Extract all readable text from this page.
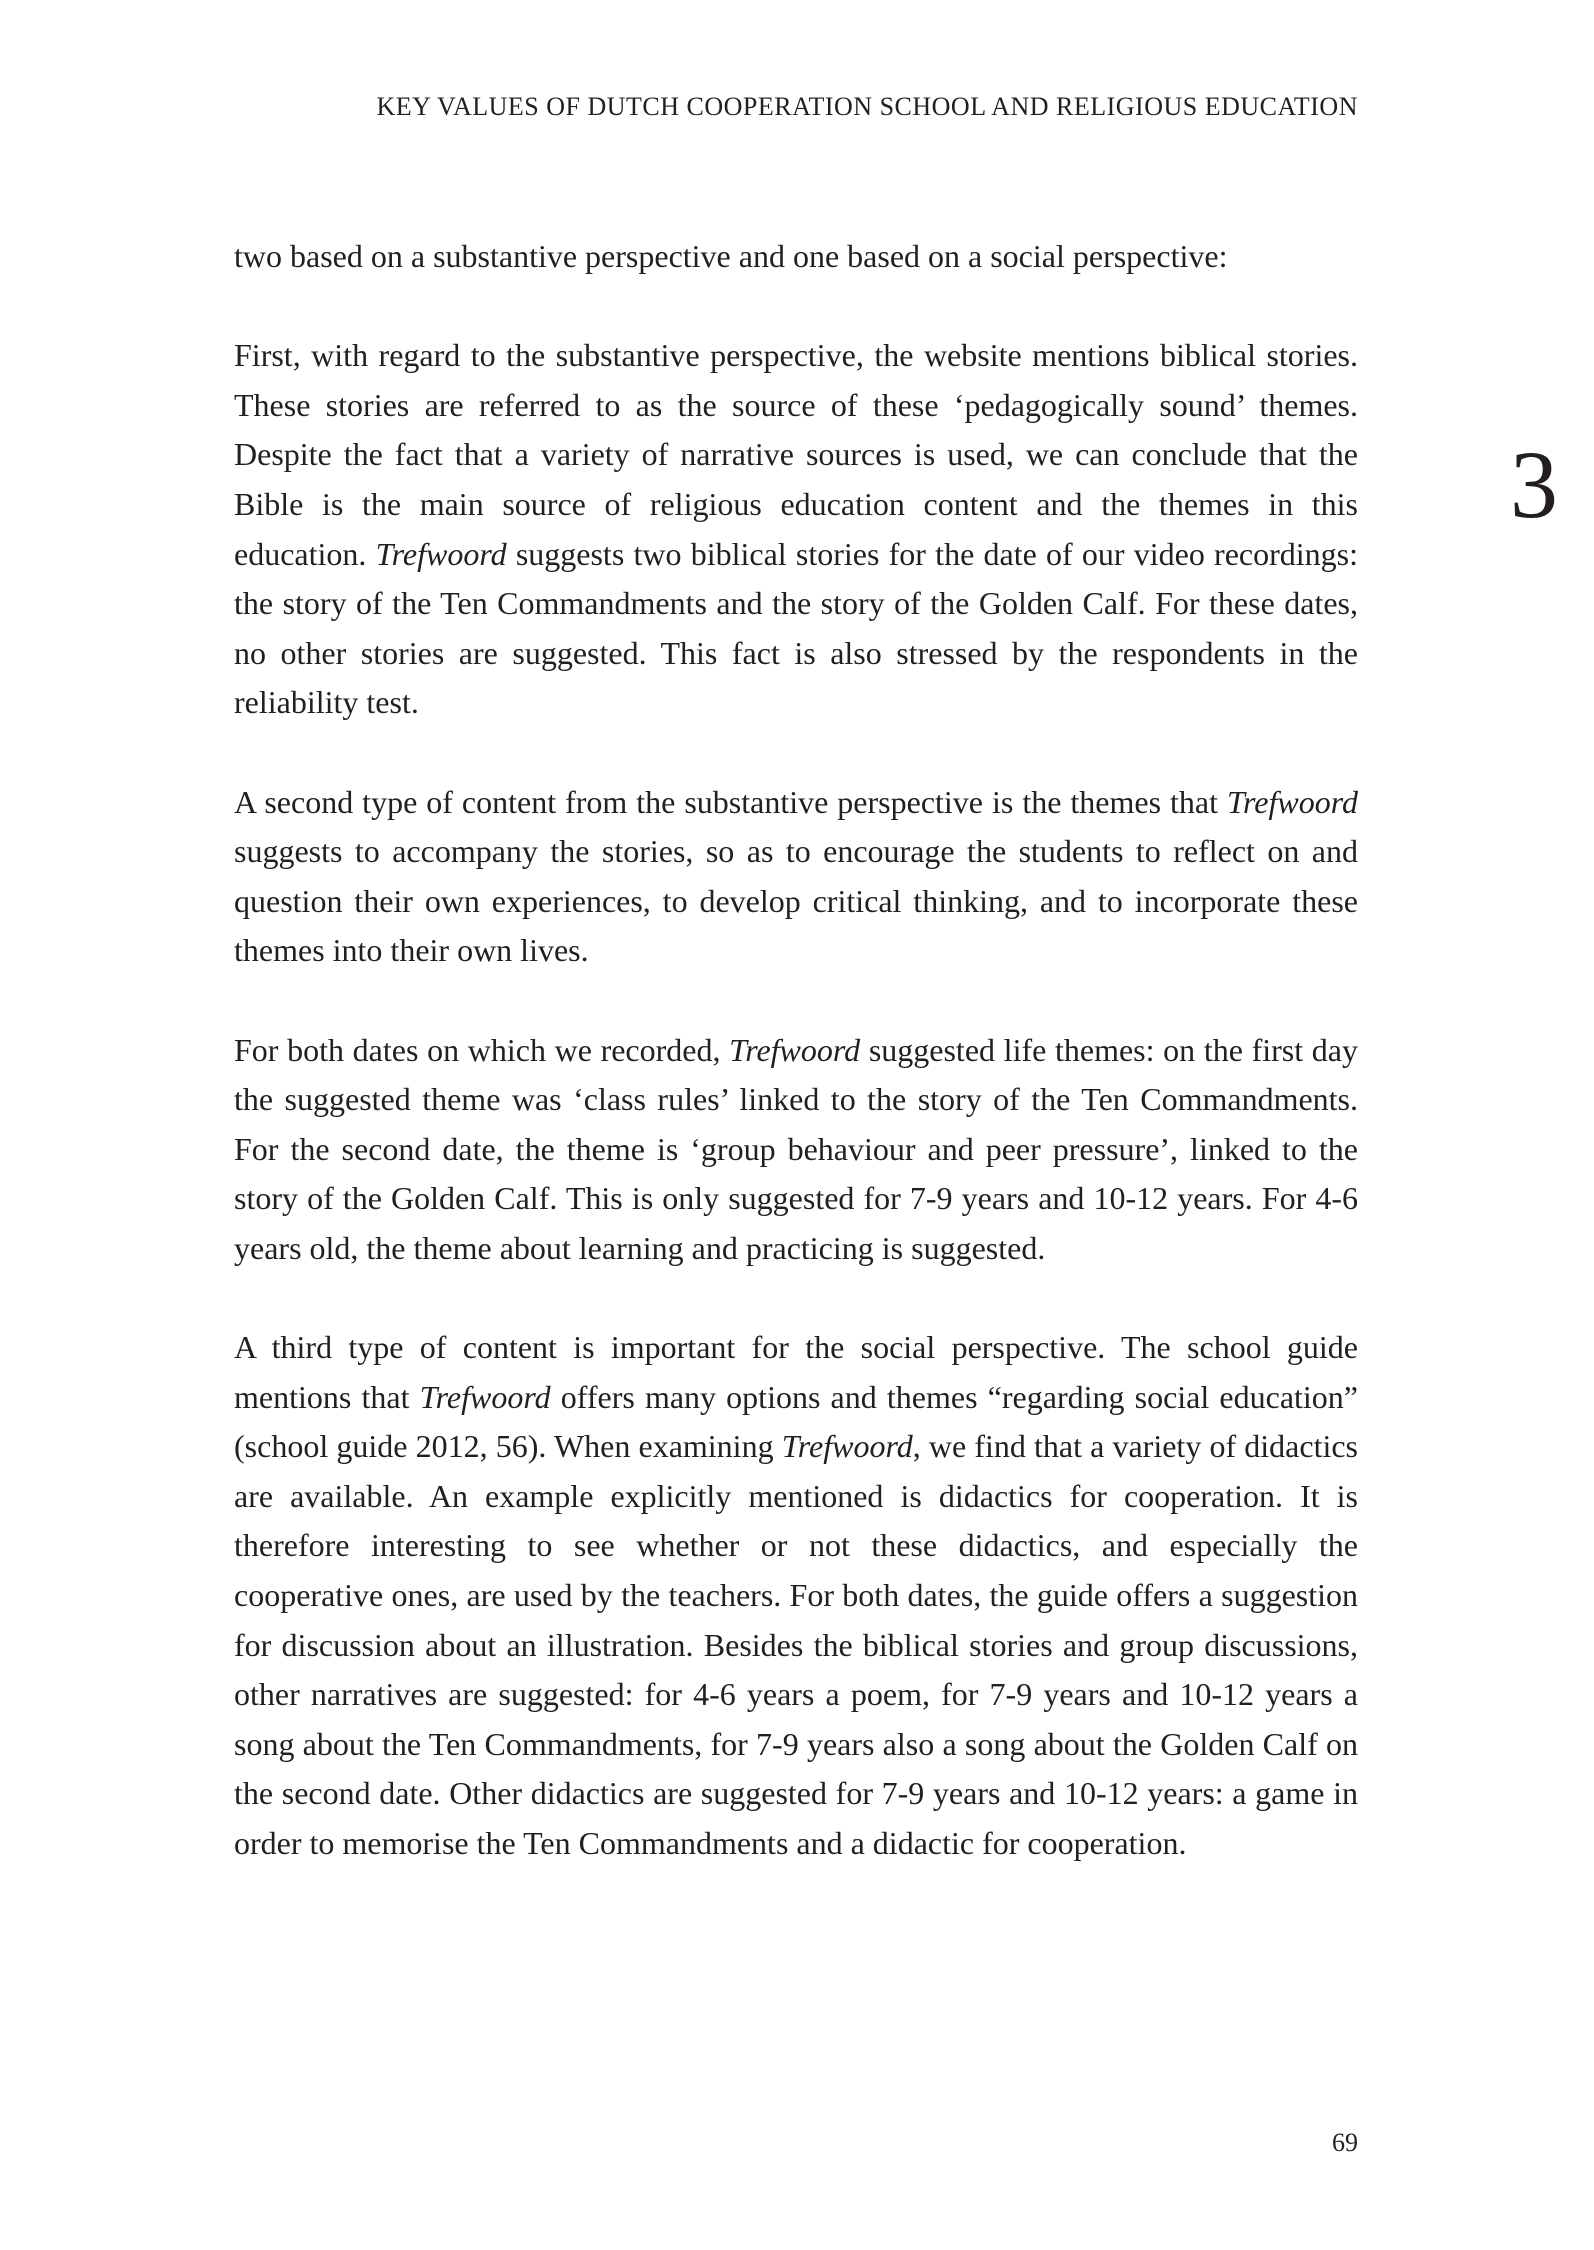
KEY VALUES OF DUTCH COOPERATION SCHOOL AND RELIGIOUS EDUCATION
3

two based on a substantive perspective and one based on a social perspective:

First, with regard to the substantive perspective, the website mentions biblical stories. These stories are referred to as the source of these ‘pedagogically sound’ themes. Despite the fact that a variety of narrative sources is used, we can conclude that the Bible is the main source of religious education content and the themes in this education. Trefwoord suggests two biblical stories for the date of our video recordings: the story of the Ten Commandments and the story of the Golden Calf. For these dates, no other stories are suggested. This fact is also stressed by the respondents in the reliability test.

A second type of content from the substantive perspective is the themes that Trefwoord suggests to accompany the stories, so as to encourage the students to reflect on and question their own experiences, to develop critical thinking, and to incorporate these themes into their own lives.

For both dates on which we recorded, Trefwoord suggested life themes: on the first day the suggested theme was ‘class rules’ linked to the story of the Ten Commandments. For the second date, the theme is ‘group behaviour and peer pressure’, linked to the story of the Golden Calf. This is only suggested for 7-9 years and 10-12 years. For 4-6 years old, the theme about learning and practicing is suggested.

A third type of content is important for the social perspective. The school guide mentions that Trefwoord offers many options and themes “regarding social education” (school guide 2012, 56). When examining Trefwoord, we find that a variety of didactics are available. An example explicitly mentioned is didactics for cooperation. It is therefore interesting to see whether or not these didactics, and especially the cooperative ones, are used by the teachers. For both dates, the guide offers a suggestion for discussion about an illustration. Besides the biblical stories and group discussions, other narratives are suggested: for 4-6 years a poem, for 7-9 years and 10-12 years a song about the Ten Commandments, for 7-9 years also a song about the Golden Calf on the second date. Other didactics are suggested for 7-9 years and 10-12 years: a game in order to memorise the Ten Commandments and a didactic for cooperation.

69
